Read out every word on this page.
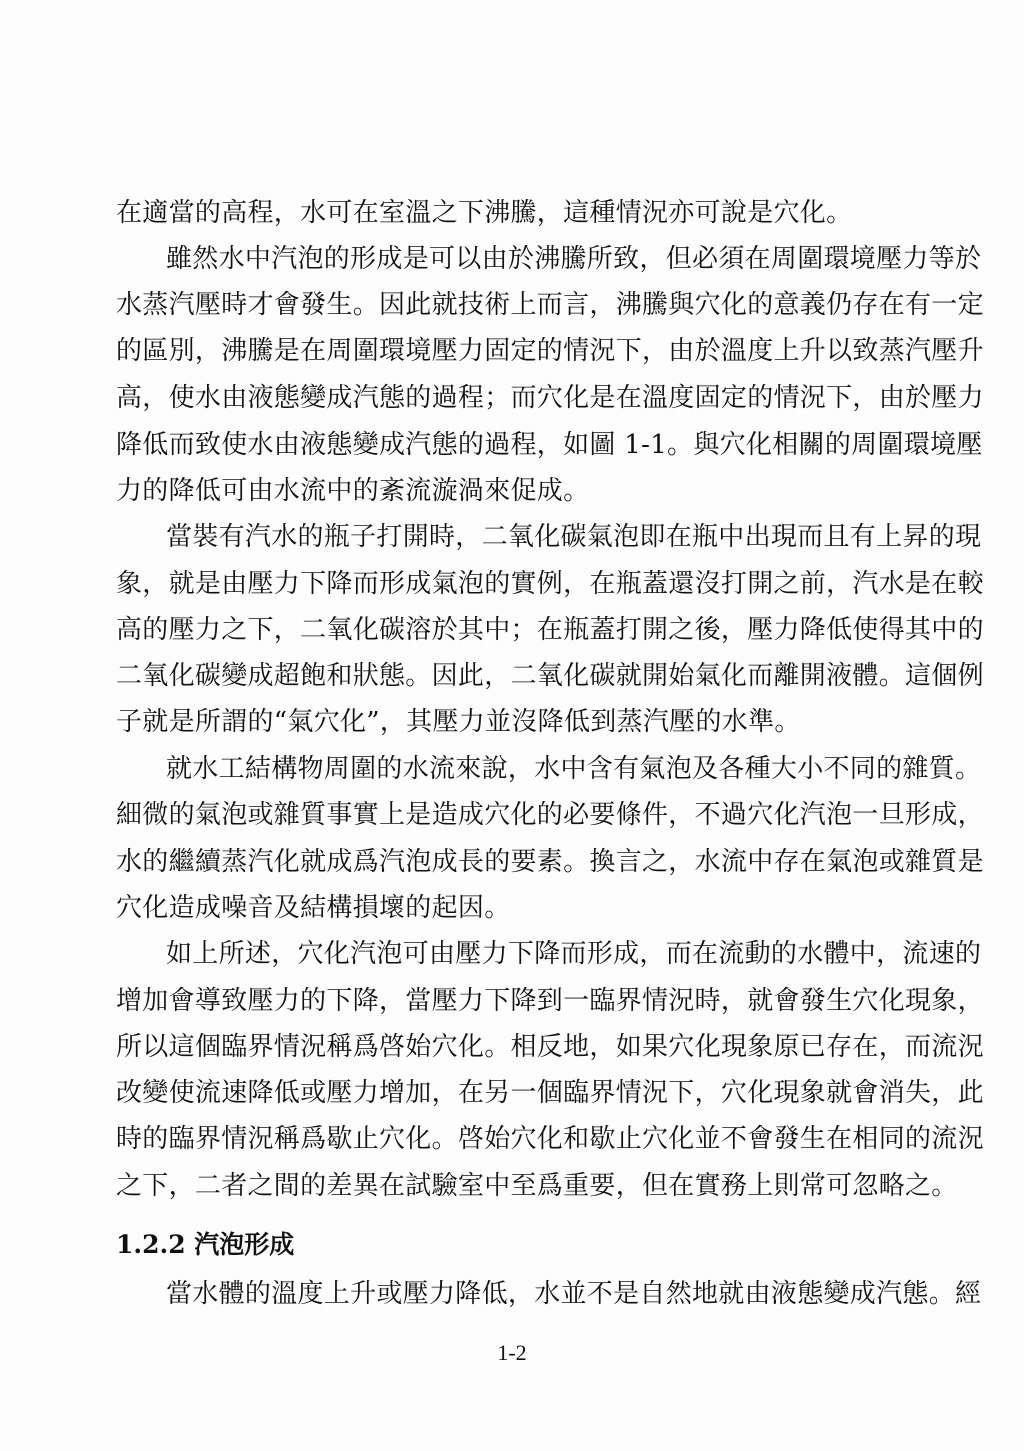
在適當的高程，水可在室溫之下沸騰，這種情況亦可說是穴化。
雖然水中汽泡的形成是可以由於沸騰所致，但必須在周圍環境壓力等於
水蒸汽壓時才會發生。因此就技術上而言，沸騰與穴化的意義仍存在有一定
的區別，沸騰是在周圍環境壓力固定的情況下，由於溫度上升以致蒸汽壓升
高，使水由液態變成汽態的過程；而穴化是在溫度固定的情況下，由於壓力
降低而致使水由液態變成汽態的過程，如圖 1-1。與穴化相關的周圍環境壓
力的降低可由水流中的紊流漩渦來促成。
當裝有汽水的瓶子打開時，二氧化碳氣泡即在瓶中出現而且有上昇的現
象，就是由壓力下降而形成氣泡的實例，在瓶蓋還沒打開之前，汽水是在較
高的壓力之下，二氧化碳溶於其中；在瓶蓋打開之後，壓力降低使得其中的
二氧化碳變成超飽和狀態。因此，二氧化碳就開始氣化而離開液體。這個例
子就是所謂的“氣穴化”，其壓力並沒降低到蒸汽壓的水準。
就水工結構物周圍的水流來說，水中含有氣泡及各種大小不同的雜質。
細微的氣泡或雜質事實上是造成穴化的必要條件，不過穴化汽泡一旦形成，
水的繼續蒸汽化就成爲汽泡成長的要素。換言之，水流中存在氣泡或雜質是
穴化造成噪音及結構損壞的起因。
如上所述，穴化汽泡可由壓力下降而形成，而在流動的水體中，流速的
增加會導致壓力的下降，當壓力下降到一臨界情況時，就會發生穴化現象，
所以這個臨界情況稱爲啓始穴化。相反地，如果穴化現象原已存在，而流況
改變使流速降低或壓力增加，在另一個臨界情況下，穴化現象就會消失，此
時的臨界情況稱爲歇止穴化。啓始穴化和歇止穴化並不會發生在相同的流況
之下，二者之間的差異在試驗室中至爲重要，但在實務上則常可忽略之。
1.2.2 汽泡形成
當水體的溫度上升或壓力降低，水並不是自然地就由液態變成汽態。經
1-2
